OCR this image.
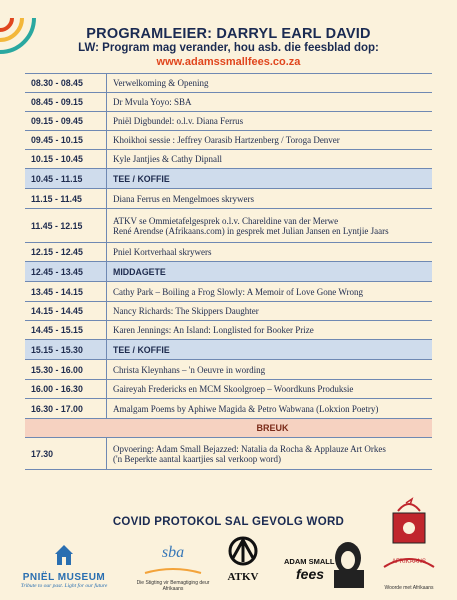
PROGRAMLEIER: DARRYL EARL DAVID
LW: Program mag verander, hou asb. die feesblad dop:
www.adamssmallfees.co.za
08.30 - 08.45	Verwelkoming & Opening
08.45 - 09.15	Dr Mvula Yoyo: SBA
09.15 - 09.45	Pniël Digbundel: o.l.v. Diana Ferrus
09.45 - 10.15	Khoikhoi sessie : Jeffrey Oarasib Hartzenberg / Toroga Denver
10.15 - 10.45	Kyle Jantjies & Cathy Dipnall
10.45 - 11.15	TEE / KOFFIE
11.15 - 11.45	Diana Ferrus en Mengelmoes skrywers
11.45 - 12.15	ATKV se Ommietafelgesprek o.l.v. Chareldine van der Merwe
René Arendse (Afrikaans.com) in gesprek met Julian Jansen en Lyntjie Jaars
12.15 - 12.45	Pniel Kortverhaal skrywers
12.45 - 13.45	MIDDAGETE
13.45 - 14.15	Cathy Park – Boiling a Frog Slowly: A Memoir of Love Gone Wrong
14.15 - 14.45	Nancy Richards: The Skippers Daughter
14.45 - 15.15	Karen Jennings: An Island: Longlisted for Booker Prize
15.15 - 15.30	TEE / KOFFIE
15.30 - 16.00	Christa Kleynhans – 'n Oeuvre in wording
16.00 - 16.30	Gaireyah Fredericks en MCM Skoolgroep – Woordkuns Produksie
16.30 - 17.00	Amalgam Poems by Aphiwe Magida & Petro Wabwana (Lokxion Poetry)
BREUK
17.30	Opvoering: Adam Small Bejazzed: Natalia da Rocha & Applauze Art Orkes
('n Beperkte aantal kaartjies sal verkoop word)
COVID PROTOKOL SAL GEVOLG WORD
PNIËL MUSEUM
Tribute to our past. Light for our future
sba
Die Stigting vir Bemagtiging deur Afrikaans
ATKV
ADAM SMALL
fees
AFRIKAANS
Woorde met Afrikaans
